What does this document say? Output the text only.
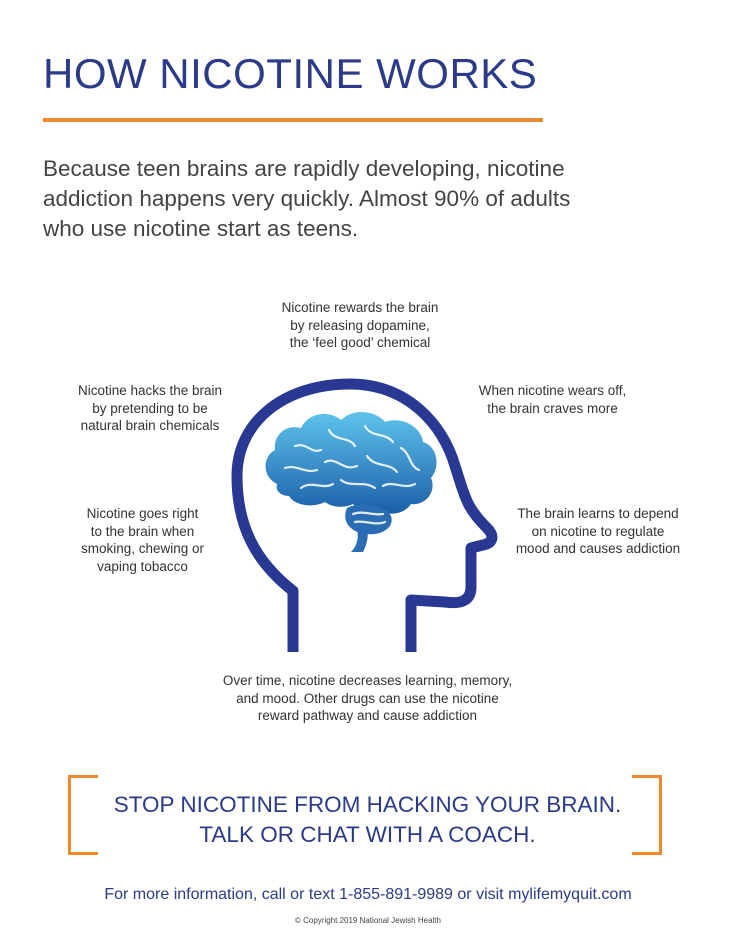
HOW NICOTINE WORKS

Because teen brains are rapidly developing, nicotine
addiction happens very quickly. Almost 90% of adults
who use nicotine start as teens.

Nicotine rewards the brain
by releasing dopamine,
the ‘feel good’ chemical
Nicotine hacks the brain
by pretending to be
natural brain chemicals
When nicotine wears off,
the brain craves more
Nicotine goes right
to the brain when
smoking, chewing or
vaping tobacco
The brain learns to depend
on nicotine to regulate
mood and causes addiction
Over time, nicotine decreases learning, memory,
and mood. Other drugs can use the nicotine
reward pathway and cause addiction
STOP NICOTINE FROM HACKING YOUR BRAIN.
TALK OR CHAT WITH A COACH.
For more information, call or text 1-855-891-9989 or visit mylifemyquit.com
© Copyright 2019 National Jewish Health
